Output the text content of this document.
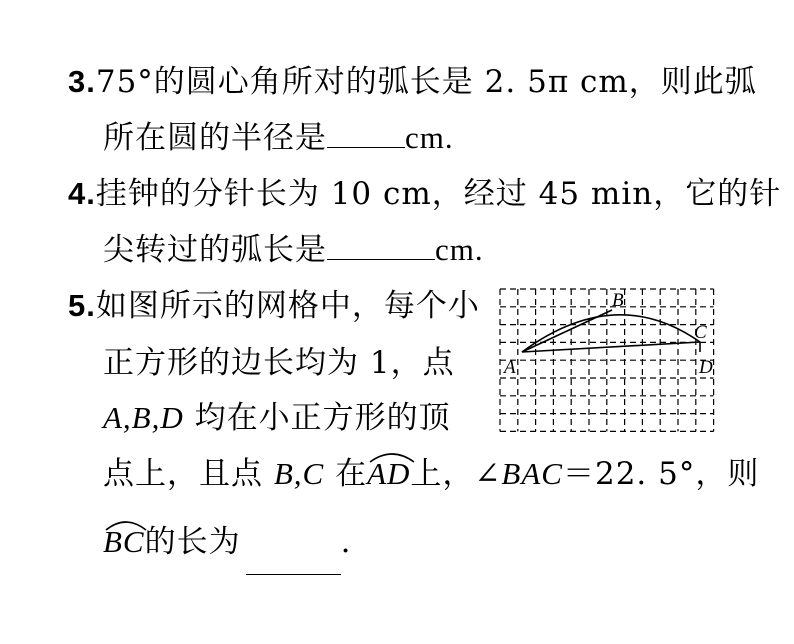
3.75°的圆心角所对的弧长是 2. 5π cm，则此弧
所在圆的半径是	cm.
4.挂钟的分针长为 10 cm，经过 45 min，它的针
尖转过的弧长是	cm.
5.如图所示的网格中，每个小
正方形的边长均为 1，点
A,B,D 均在小正方形的顶
点上，且点 B,C 在
AD上，∠BAC＝22. 5°，则
BC的长为	.
A
B
C
D
